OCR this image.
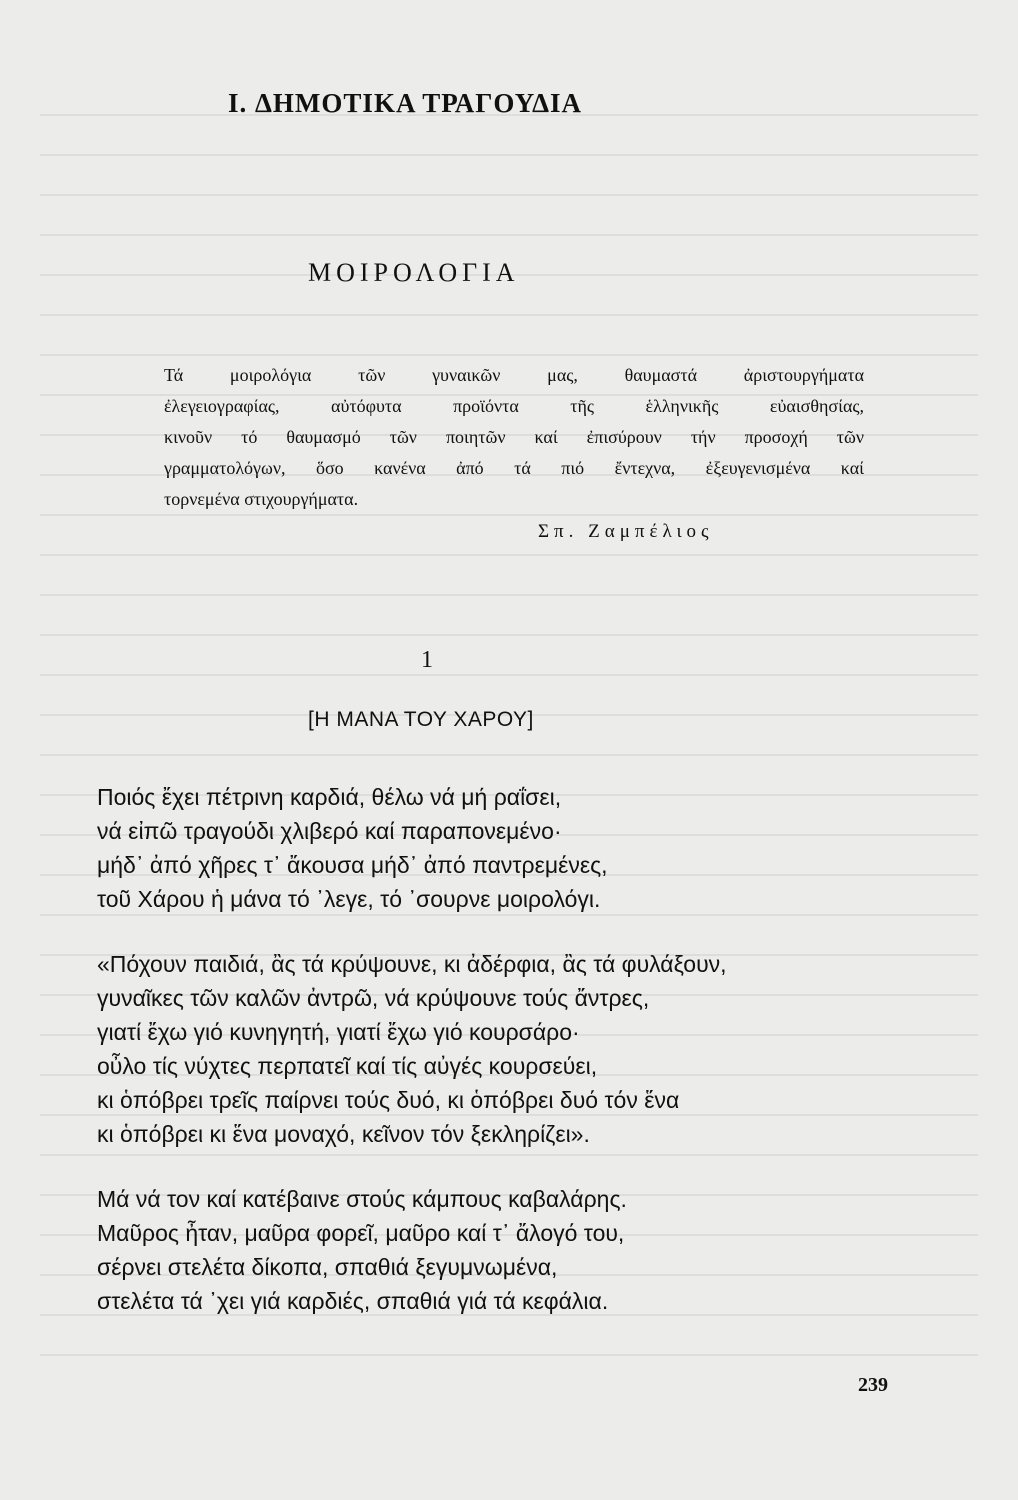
I. ΔΗΜΟΤΙΚΑ ΤΡΑΓΟΥΔΙΑ
ΜΟΙΡΟΛΟΓΙΑ
Τά μοιρολόγια τῶν γυναικῶν μας, θαυμαστά ἀριστουργήματα
ἐλεγειογραφίας, αὐτόφυτα προϊόντα τῆς ἑλληνικῆς εὐαισθησίας,
κινοῦν τό θαυμασμό τῶν ποιητῶν καί ἐπισύρουν τήν προσοχή τῶν
γραμματολόγων, ὅσο κανένα ἀπό τά πιό ἔντεχνα, ἐξευγενισμένα καί
τορνεμένα στιχουργήματα.
Σπ. Ζαμπέλιος
1
[Η ΜΑΝΑ ΤΟΥ ΧΑΡΟΥ]
Ποιός ἔχει πέτρινη καρδιά, θέλω νά μή ραΐσει,
νά εἰπῶ τραγούδι χλιβερό καί παραπονεμένο·
μήδ᾽ ἀπό χῆρες τ᾽ ἄκουσα μήδ᾽ ἀπό παντρεμένες,
τοῦ Χάρου ἡ μάνα τό ᾽λεγε, τό ᾽σουρνε μοιρολόγι.
«Πόχουν παιδιά, ἂς τά κρύψουνε, κι ἀδέρφια, ἂς τά φυλάξουν,
γυναῖκες τῶν καλῶν ἀντρῶ, νά κρύψουνε τούς ἄντρες,
γιατί ἔχω γιό κυνηγητή, γιατί ἔχω γιό κουρσάρο·
οὖλο τίς νύχτες περπατεῖ καί τίς αὐγές κουρσεύει,
κι ὁπόβρει τρεῖς παίρνει τούς δυό, κι ὁπόβρει δυό τόν ἕνα
κι ὁπόβρει κι ἕνα μοναχό, κεῖνον τόν ξεκληρίζει».
Μά νά τον καί κατέβαινε στούς κάμπους καβαλάρης.
Μαῦρος ἦταν, μαῦρα φορεῖ, μαῦρο καί τ᾽ ἄλογό του,
σέρνει στελέτα δίκοπα, σπαθιά ξεγυμνωμένα,
στελέτα τά ᾽χει γιά καρδιές, σπαθιά γιά τά κεφάλια.
239
